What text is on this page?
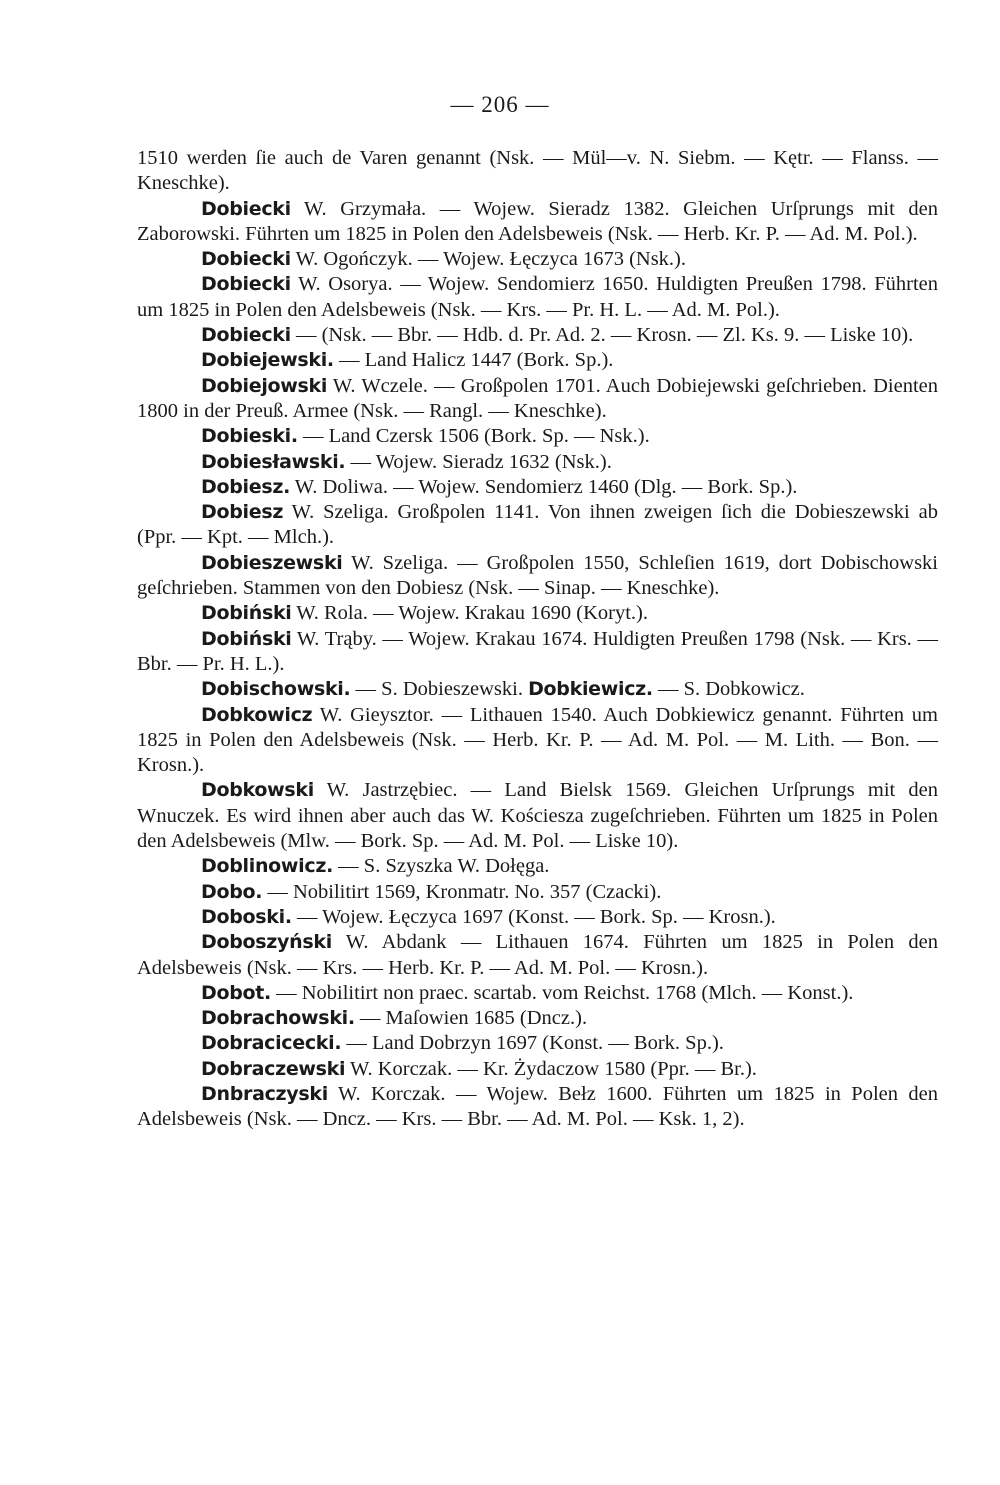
— 206 —

1510 werden ſie auch de Varen genannt (Nsk. — Mül—v. N. Siebm. — Kętr. — Flanss. — Kneschke).

Dobiecki W. Grzymała. — Wojew. Sieradz 1382. Gleichen Urſprungs mit den Zaborowski. Führten um 1825 in Polen den Adelsbeweis (Nsk. — Herb. Kr. P. — Ad. M. Pol.).

Dobiecki W. Ogończyk. — Wojew. Łęczyca 1673 (Nsk.).

Dobiecki W. Osorya. — Wojew. Sendomierz 1650. Huldigten Preußen 1798. Führten um 1825 in Polen den Adelsbeweis (Nsk. — Krs. — Pr. H. L. — Ad. M. Pol.).

Dobiecki — (Nsk. — Bbr. — Hdb. d. Pr. Ad. 2. — Krosn. — Zl. Ks. 9. — Liske 10).

Dobiejewski. — Land Halicz 1447 (Bork. Sp.).

Dobiejowski W. Wczele. — Großpolen 1701. Auch Dobiejewski geſchrieben. Dienten 1800 in der Preuß. Armee (Nsk. — Rangl. — Kneschke).

Dobieski. — Land Czersk 1506 (Bork. Sp. — Nsk.).

Dobiesławski. — Wojew. Sieradz 1632 (Nsk.).

Dobiesz. W. Doliwa. — Wojew. Sendomierz 1460 (Dlg. — Bork. Sp.).

Dobiesz W. Szeliga. Großpolen 1141. Von ihnen zweigen ſich die Dobieszewski ab (Ppr. — Kpt. — Mlch.).

Dobieszewski W. Szeliga. — Großpolen 1550, Schleſien 1619, dort Dobischowski geſchrieben. Stammen von den Dobiesz (Nsk. — Sinap. — Kneschke).

Dobiński W. Rola. — Wojew. Krakau 1690 (Koryt.).

Dobiński W. Trąby. — Wojew. Krakau 1674. Huldigten Preußen 1798 (Nsk. — Krs. — Bbr. — Pr. H. L.).

Dobischowski. — S. Dobieszewski. Dobkiewicz. — S. Dobkowicz.

Dobkowicz W. Gieysztor. — Lithauen 1540. Auch Dobkiewicz genannt. Führten um 1825 in Polen den Adelsbeweis (Nsk. — Herb. Kr. P. — Ad. M. Pol. — M. Lith. — Bon. — Krosn.).

Dobkowski W. Jastrzębiec. — Land Bielsk 1569. Gleichen Urſprungs mit den Wnuczek. Es wird ihnen aber auch das W. Kościesza zugeſchrieben. Führten um 1825 in Polen den Adelsbeweis (Mlw. — Bork. Sp. — Ad. M. Pol. — Liske 10).

Doblinowicz. — S. Szyszka W. Dołęga.

Dobo. — Nobilitirt 1569, Kronmatr. No. 357 (Czacki).

Doboski. — Wojew. Łęczyca 1697 (Konst. — Bork. Sp. — Krosn.).

Doboszyński W. Abdank — Lithauen 1674. Führten um 1825 in Polen den Adelsbeweis (Nsk. — Krs. — Herb. Kr. P. — Ad. M. Pol. — Krosn.).

Dobot. — Nobilitirt non praec. scartab. vom Reichst. 1768 (Mlch. — Konst.).

Dobrachowski. — Maſowien 1685 (Dncz.).

Dobracicecki. — Land Dobrzyn 1697 (Konst. — Bork. Sp.).

Dobraczewski W. Korczak. — Kr. Żydaczow 1580 (Ppr. — Br.).

Dnbraczyski W. Korczak. — Wojew. Bełz 1600. Führten um 1825 in Polen den Adelsbeweis (Nsk. — Dncz. — Krs. — Bbr. — Ad. M. Pol. — Ksk. 1, 2).
